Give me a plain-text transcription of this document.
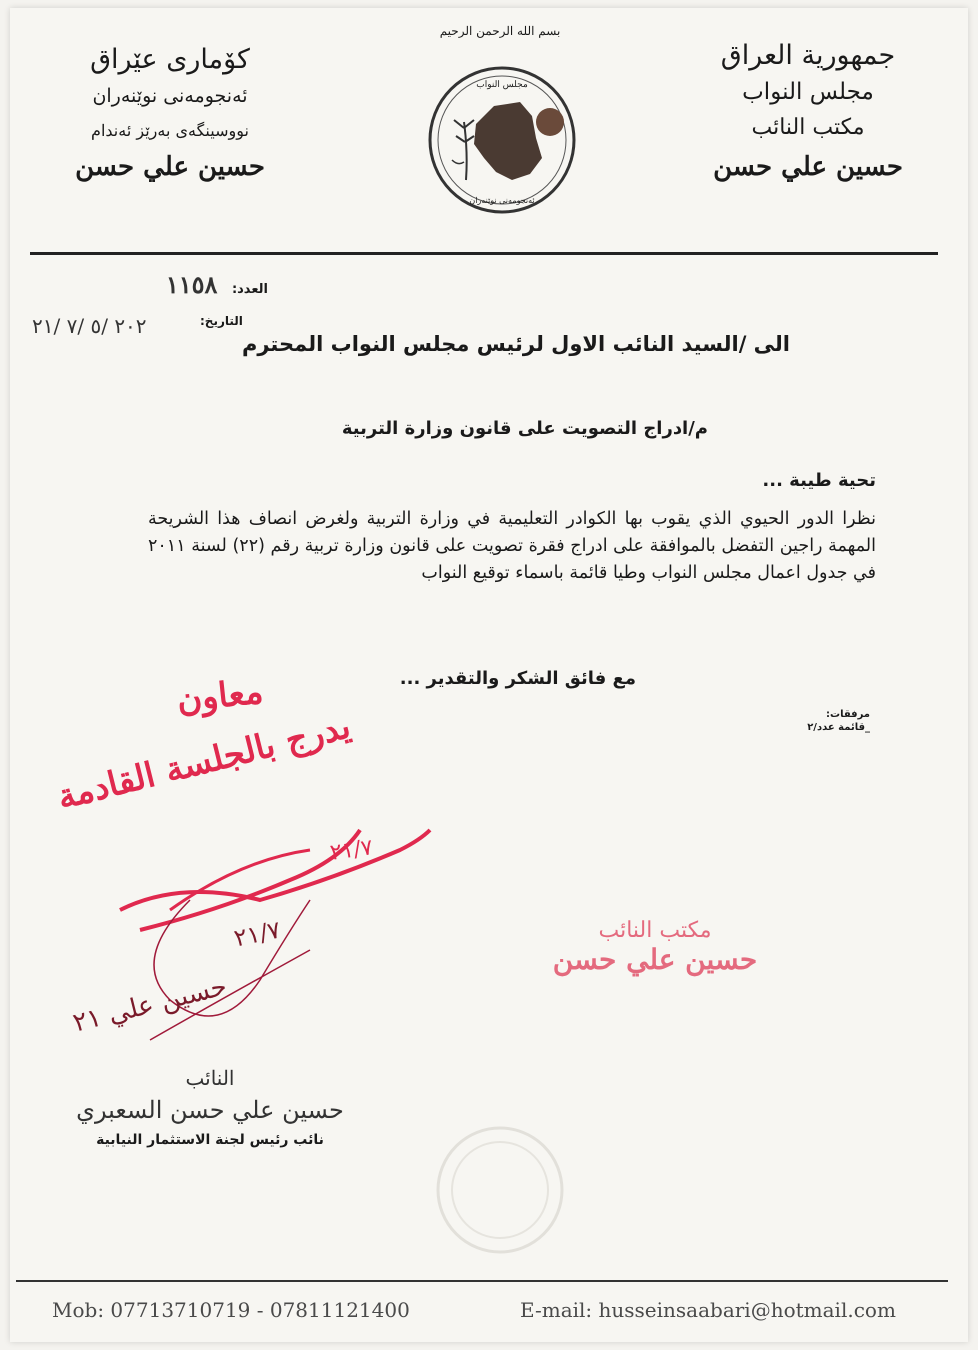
بسم الله الرحمن الرحيم
جمهورية العراق
مجلس النواب
مكتب النائب
حسين علي حسن
كۆماری عێراق
ئەنجومەنی نوێنەران
نووسینگەی بەرێز ئەندام
حسين علي حسن
مجلس النواب
ئەنجومەنی نوێنەران
العدد: ١١٥٨
التاريخ:
٢٠٢ /٥ /٧ /٢١
الى /السيد النائب الاول لرئيس مجلس النواب المحترم
م/ادراج التصويت على قانون وزارة التربية
تحية طيبة ...
نظرا الدور الحيوي الذي يقوب بها الكوادر التعليمية في وزارة التربية ولغرض انصاف هذا الشريحة المهمة راجين التفضل بالموافقة على ادراج فقرة تصويت على قانون وزارة تربية رقم (٢٢) لسنة ٢٠١١ في جدول اعمال مجلس النواب وطيا قائمة باسماء توقيع النواب
مع فائق الشكر والتقدير ...
مرفقات:
_قائمة عدد/٢
معاون
يدرج بالجلسة القادمة
٢١/٧
٢١/٧
حسين علي ٢١
مكتب النائب
حسين علي حسن
النائب
حسين علي حسن السعبري
نائب رئيس لجنة الاستثمار النيابية
Mob: 07713710719 - 07811121400	E-mail: husseinsaabari@hotmail.com
